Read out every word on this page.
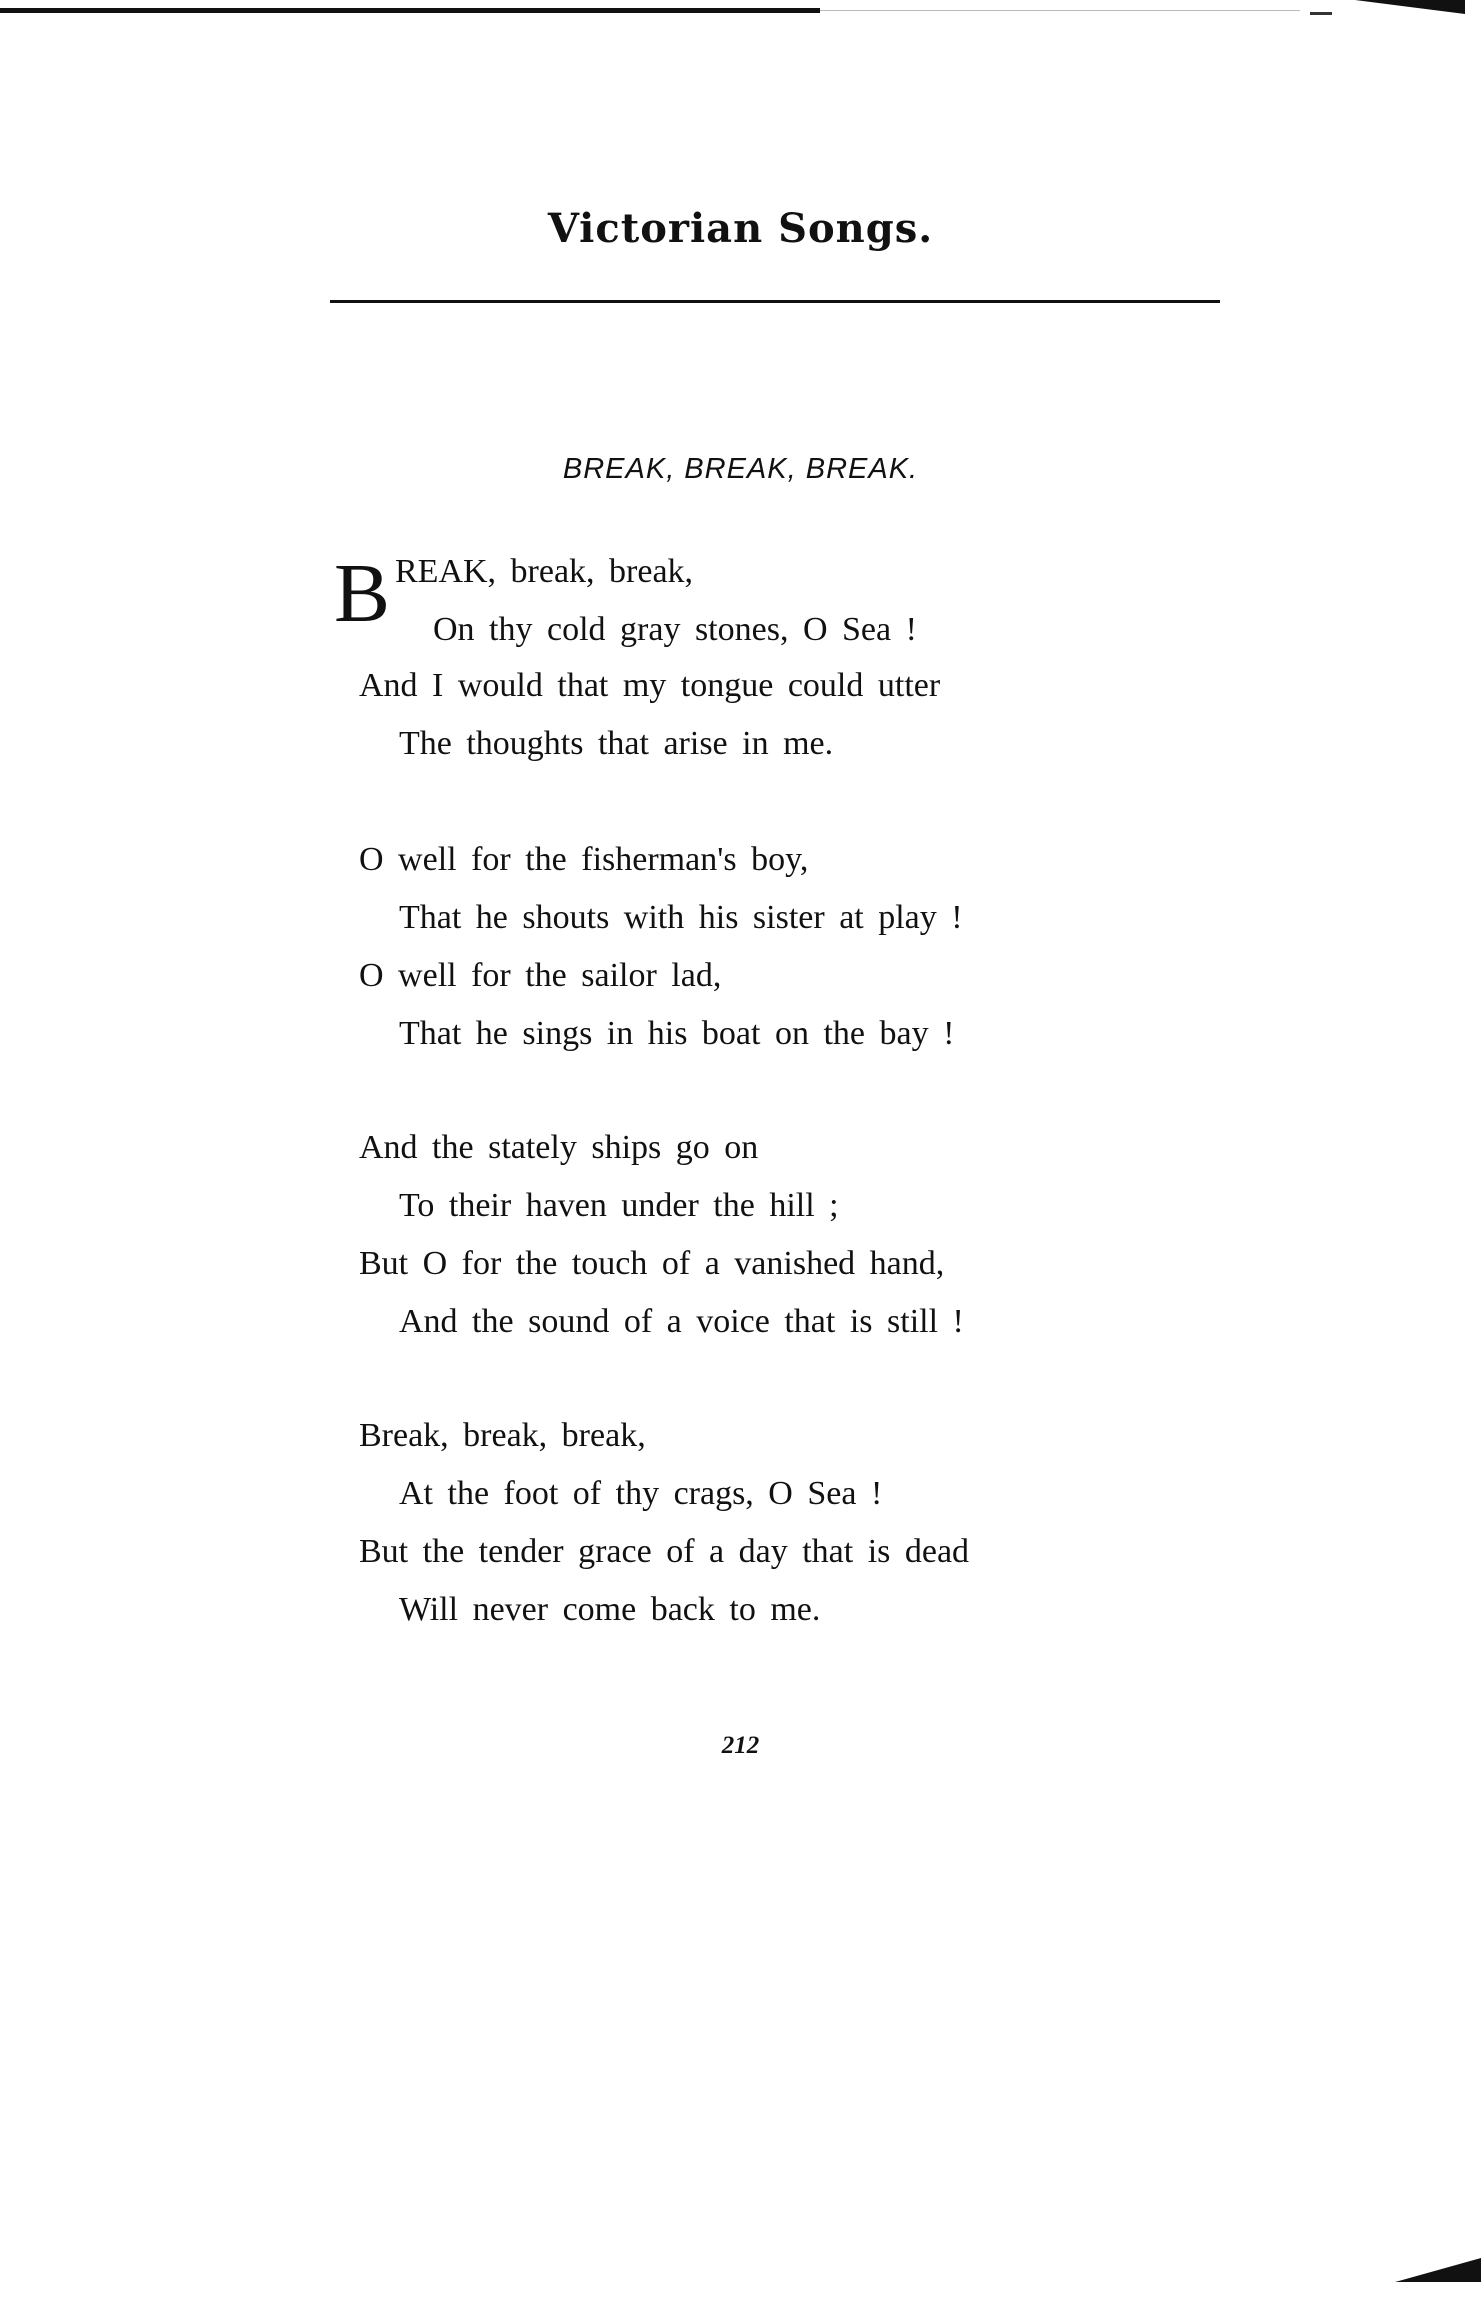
Victorian Songs.
BREAK, BREAK, BREAK.
B REAK, break, break,
On thy cold gray stones, O Sea !
And I would that my tongue could utter
The thoughts that arise in me.
O well for the fisherman's boy,
That he shouts with his sister at play !
O well for the sailor lad,
That he sings in his boat on the bay !
And the stately ships go on
To their haven under the hill ;
But O for the touch of a vanished hand,
And the sound of a voice that is still !
Break, break, break,
At the foot of thy crags, O Sea !
But the tender grace of a day that is dead
Will never come back to me.
212
